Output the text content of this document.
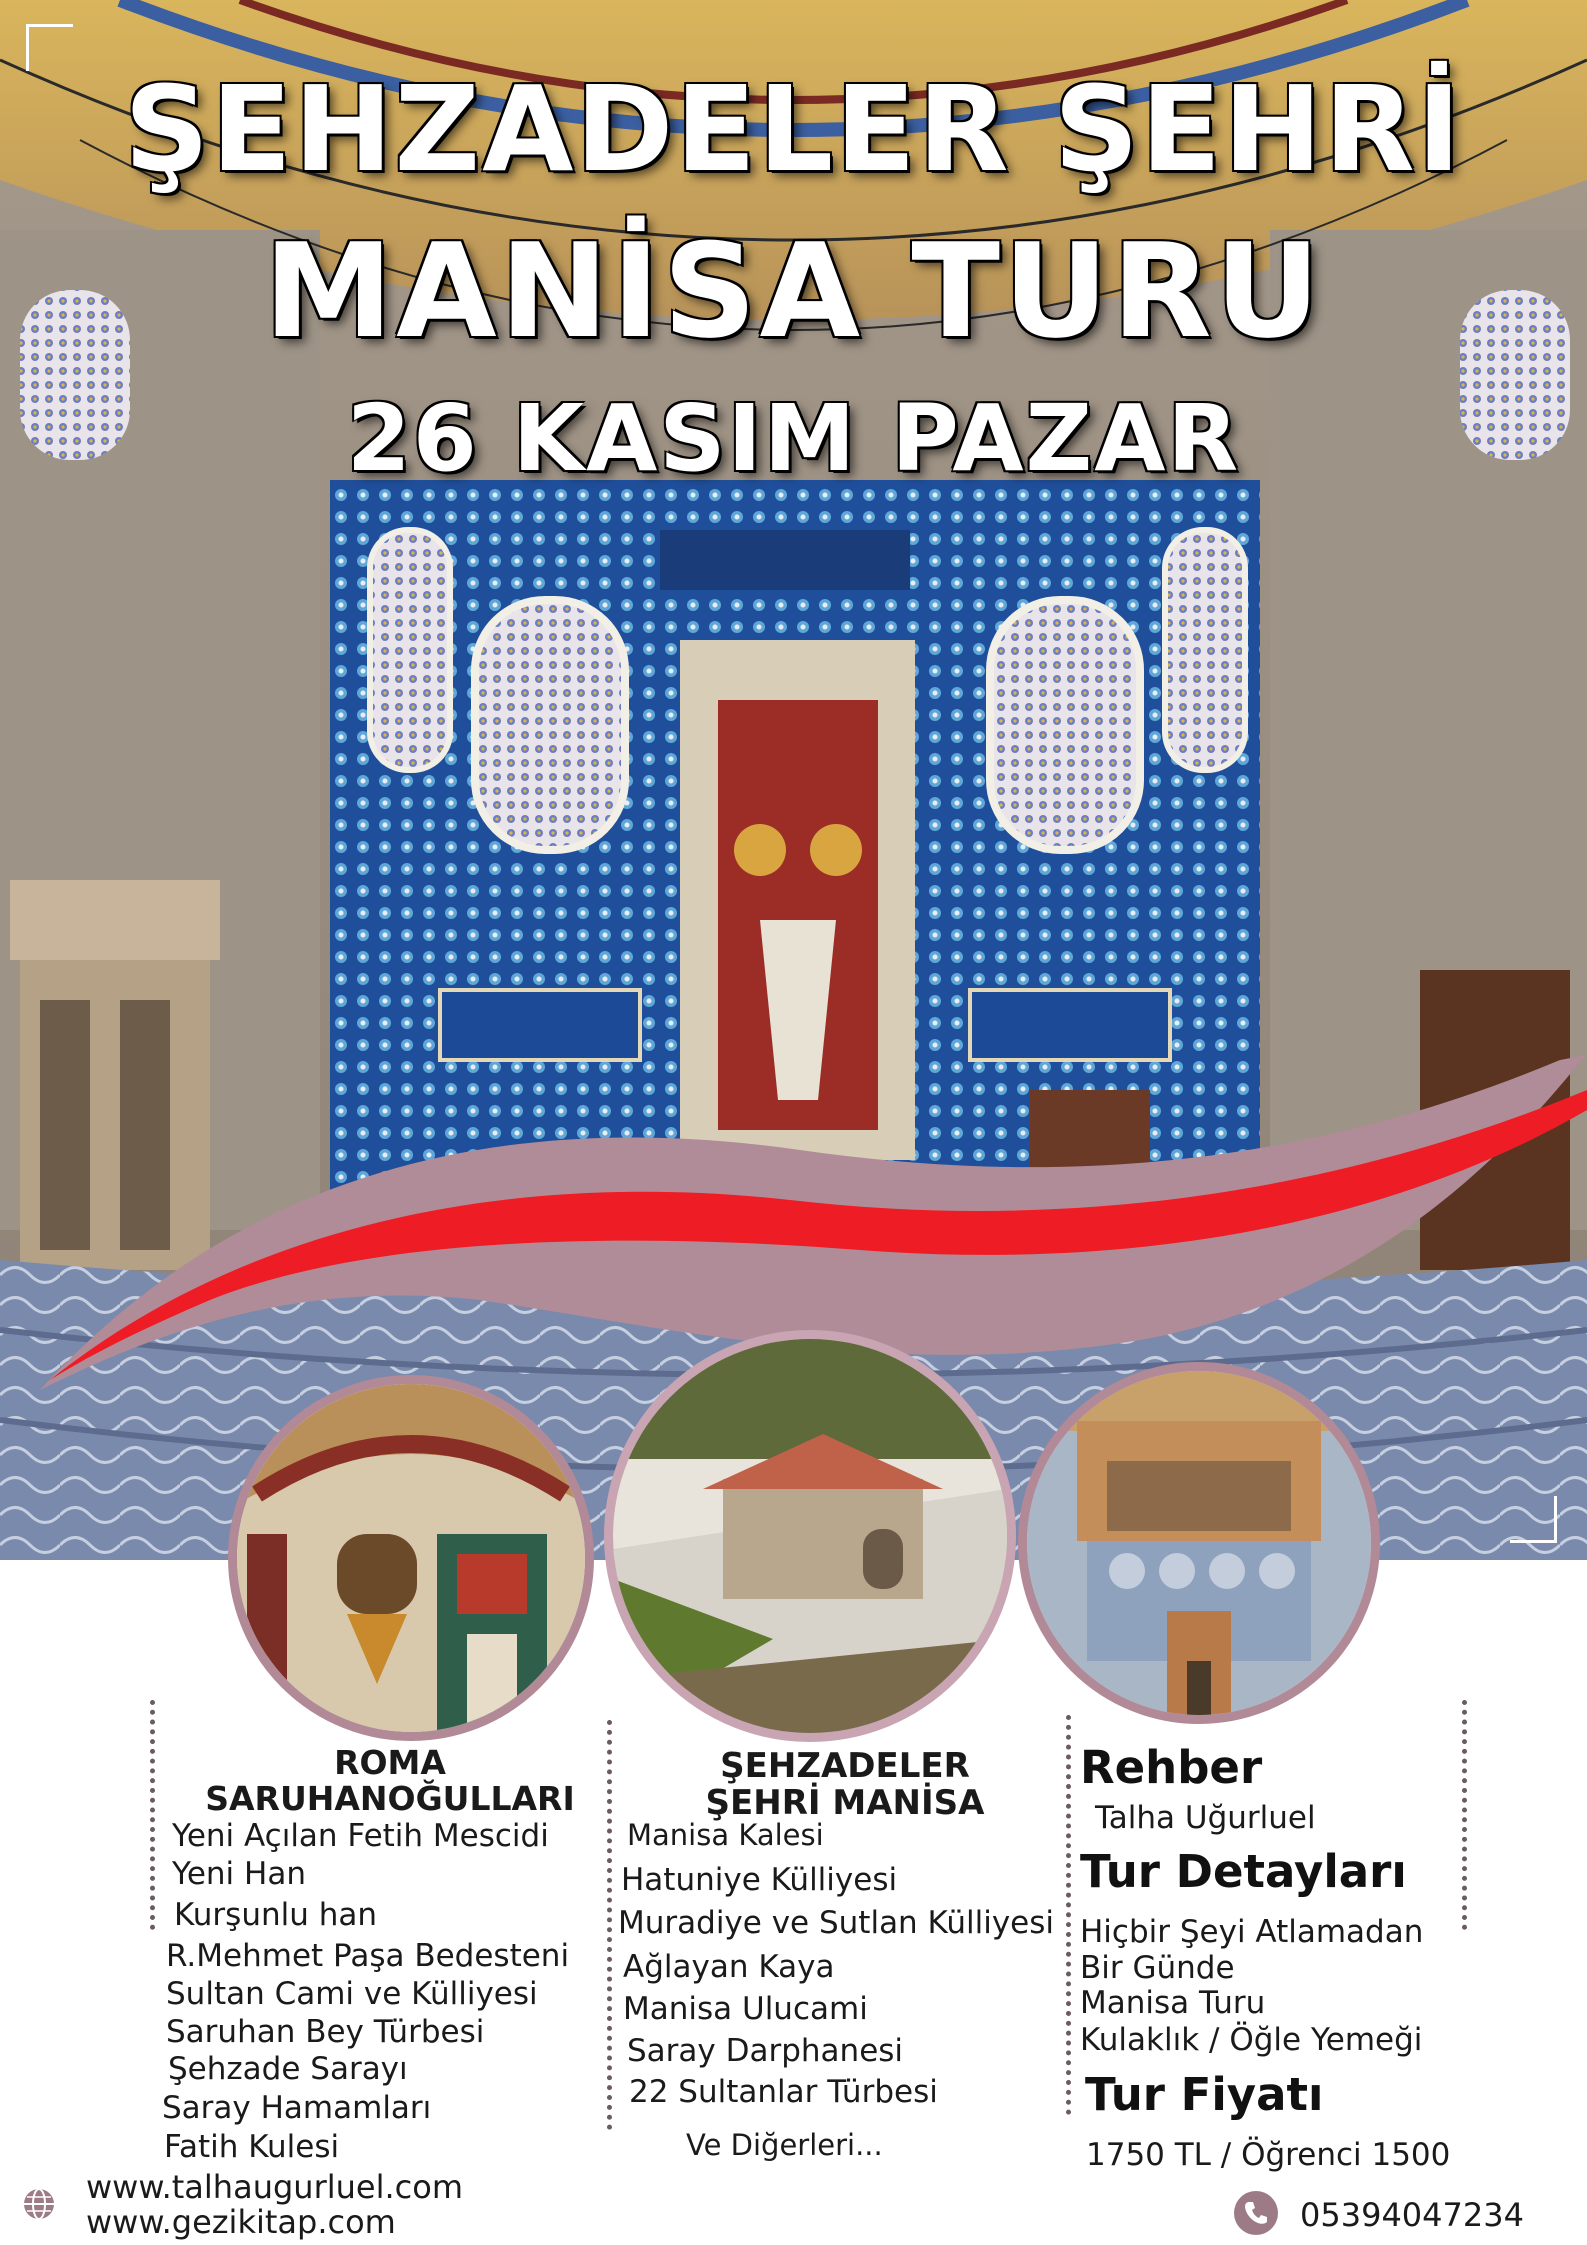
ŞEHZADELER ŞEHRİ
MANİSA TURU
26 KASIM PAZAR
ROMA
SARUHANOĞULLARI
Yeni Açılan Fetih Mescidi
Yeni Han
Kurşunlu han
R.Mehmet Paşa Bedesteni
Sultan Cami ve Külliyesi
Saruhan Bey Türbesi
Şehzade Sarayı
Saray Hamamları
Fatih Kulesi
ŞEHZADELER
ŞEHRİ MANİSA
Manisa Kalesi
Hatuniye Külliyesi
Muradiye ve Sutlan Külliyesi
Ağlayan Kaya
Manisa Ulucami
Saray Darphanesi
22 Sultanlar Türbesi
Ve Diğerleri...
Rehber
Talha Uğurluel
Tur Detayları
Hiçbir Şeyi Atlamadan
Bir Günde
Manisa Turu
Kulaklık / Öğle Yemeği
Tur Fiyatı
1750 TL / Öğrenci 1500
www.talhaugurluel.com
www.gezikitap.com	05394047234
